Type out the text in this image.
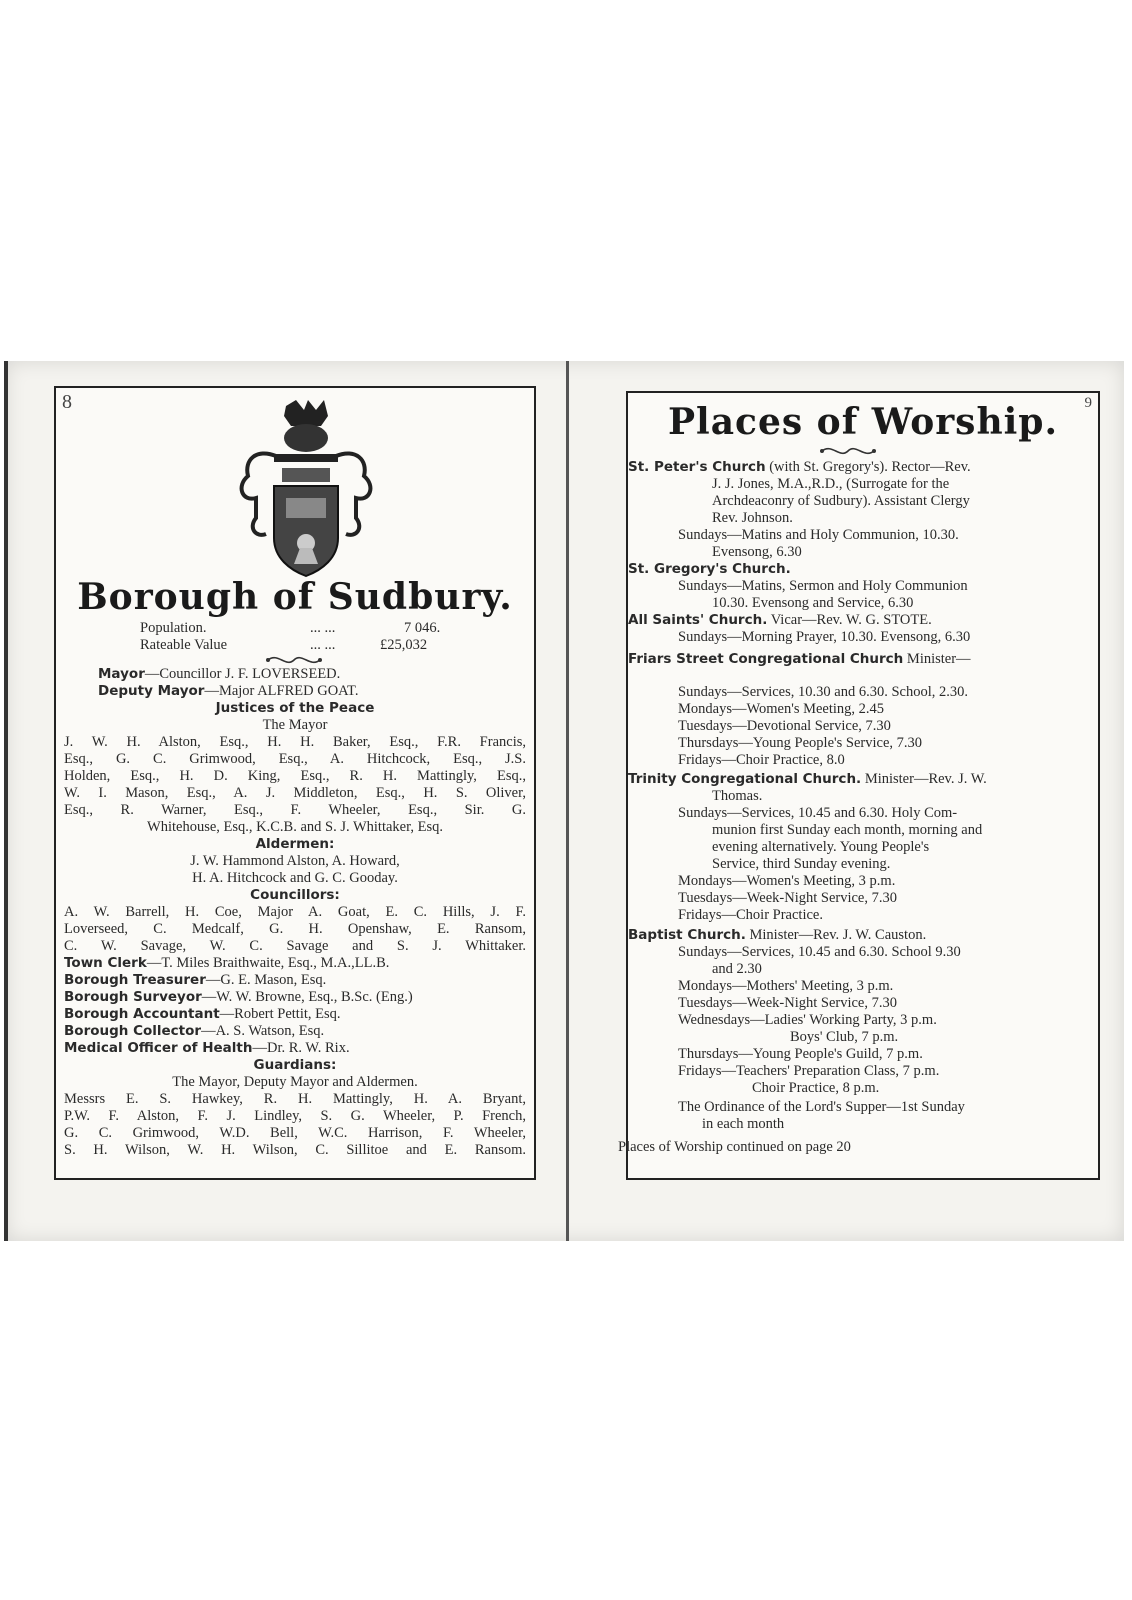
8
Borough of Sudbury.
Population.	... ...	7 046.
Rateable Value	... ...	£25,032
Mayor—Councillor J. F. LOVERSEED.
Deputy Mayor—Major ALFRED GOAT.
Justices of the Peace
The Mayor
J. W. H. Alston, Esq., H. H. Baker, Esq., F.R. Francis,
Esq., G. C. Grimwood, Esq., A. Hitchcock, Esq., J.S.
Holden, Esq., H. D. King, Esq., R. H. Mattingly, Esq.,
W. I. Mason, Esq., A. J. Middleton, Esq., H. S. Oliver,
Esq., R. Warner, Esq., F. Wheeler, Esq., Sir. G.
Whitehouse, Esq., K.C.B. and S. J. Whittaker, Esq.
Aldermen:
J. W. Hammond Alston, A. Howard,
H. A. Hitchcock and G. C. Gooday.
Councillors:
A. W. Barrell, H. Coe, Major A. Goat, E. C. Hills, J. F.
Loverseed, C. Medcalf, G. H. Openshaw, E. Ransom,
C. W. Savage, W. C. Savage and S. J. Whittaker.
Town Clerk—T. Miles Braithwaite, Esq., M.A.,LL.B.
Borough Treasurer—G. E. Mason, Esq.
Borough Surveyor—W. W. Browne, Esq., B.Sc. (Eng.)
Borough Accountant—Robert Pettit, Esq.
Borough Collector—A. S. Watson, Esq.
Medical Officer of Health—Dr. R. W. Rix.
Guardians:
The Mayor, Deputy Mayor and Aldermen.
Messrs E. S. Hawkey, R. H. Mattingly, H. A. Bryant,
P.W. F. Alston, F. J. Lindley, S. G. Wheeler, P. French,
G. C. Grimwood, W.D. Bell, W.C. Harrison, F. Wheeler,
S. H. Wilson, W. H. Wilson, C. Sillitoe and E. Ransom.
9
Places of Worship.
St. Peter's Church (with St. Gregory's). Rector—Rev.
J. J. Jones, M.A.,R.D., (Surrogate for the
Archdeaconry of Sudbury). Assistant Clergy
Rev. Johnson.
Sundays—Matins and Holy Communion, 10.30.
Evensong, 6.30
St. Gregory's Church.
Sundays—Matins, Sermon and Holy Communion
10.30. Evensong and Service, 6.30
All Saints' Church. Vicar—Rev. W. G. STOTE.
Sundays—Morning Prayer, 10.30. Evensong, 6.30
Friars Street Congregational Church Minister—
Sundays—Services, 10.30 and 6.30. School, 2.30.
Mondays—Women's Meeting, 2.45
Tuesdays—Devotional Service, 7.30
Thursdays—Young People's Service, 7.30
Fridays—Choir Practice, 8.0
Trinity Congregational Church. Minister—Rev. J. W.
Thomas.
Sundays—Services, 10.45 and 6.30. Holy Com-
munion first Sunday each month, morning and
evening alternatively. Young People's
Service, third Sunday evening.
Mondays—Women's Meeting, 3 p.m.
Tuesdays—Week-Night Service, 7.30
Fridays—Choir Practice.
Baptist Church. Minister—Rev. J. W. Causton.
Sundays—Services, 10.45 and 6.30. School 9.30
and 2.30
Mondays—Mothers' Meeting, 3 p.m.
Tuesdays—Week-Night Service, 7.30
Wednesdays—Ladies' Working Party, 3 p.m.
Boys' Club, 7 p.m.
Thursdays—Young People's Guild, 7 p.m.
Fridays—Teachers' Preparation Class, 7 p.m.
Choir Practice, 8 p.m.
The Ordinance of the Lord's Supper—1st Sunday
in each month
Places of Worship continued on page 20
